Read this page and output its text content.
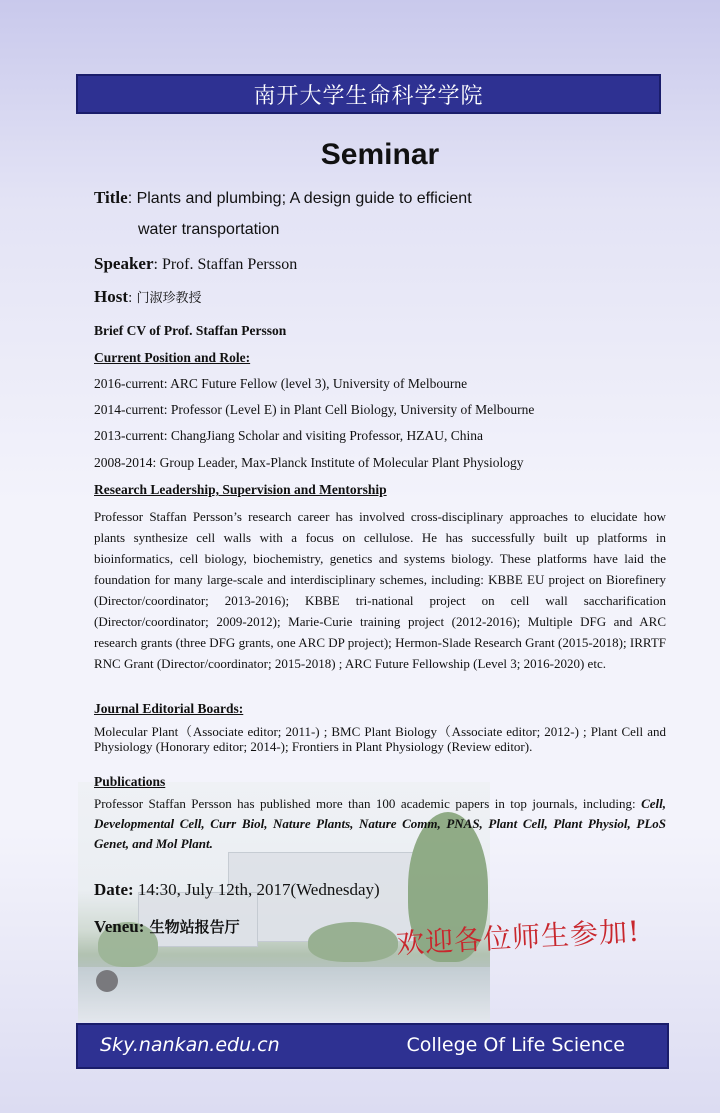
南开大学生命科学学院
Seminar
Title: Plants and plumbing; A design guide to efficient
water transportation
Speaker: Prof. Staffan Persson
Host: 门淑珍教授
Brief CV of Prof. Staffan Persson
Current Position and Role:
2016-current: ARC Future Fellow (level 3), University of Melbourne
2014-current: Professor (Level E) in Plant Cell Biology, University of Melbourne
2013-current: ChangJiang Scholar and visiting Professor, HZAU, China
2008-2014: Group Leader, Max-Planck Institute of Molecular Plant Physiology
Research Leadership, Supervision and Mentorship
Professor Staffan Persson’s research career has involved cross-disciplinary approaches to elucidate how plants synthesize cell walls with a focus on cellulose. He has successfully built up platforms in bioinformatics, cell biology, biochemistry, genetics and systems biology. These platforms have laid the foundation for many large-scale and interdisciplinary schemes, including: KBBE EU project on Biorefinery (Director/coordinator; 2013-2016); KBBE tri-national project on cell wall saccharification (Director/coordinator; 2009-2012); Marie-Curie training project (2012-2016); Multiple DFG and ARC research grants (three DFG grants, one ARC DP project); Hermon-Slade Research Grant (2015-2018); IRRTF RNC Grant (Director/coordinator; 2015-2018) ; ARC Future Fellowship (Level 3; 2016-2020) etc.
Journal Editorial Boards:
Molecular Plant（Associate editor; 2011-) ; BMC Plant Biology（Associate editor; 2012-) ; Plant Cell and Physiology (Honorary editor; 2014-); Frontiers in Plant Physiology (Review editor).
Publications
Professor Staffan Persson has published more than 100 academic papers in top journals, including: Cell, Developmental Cell, Curr Biol, Nature Plants, Nature Comm, PNAS, Plant Cell, Plant Physiol, PLoS Genet, and Mol Plant.
Date: 14:30, July 12th, 2017(Wednesday)
Veneu: 生物站报告厅	欢迎各位师生参加!
Sky.nankan.edu.cn	College Of Life Science
